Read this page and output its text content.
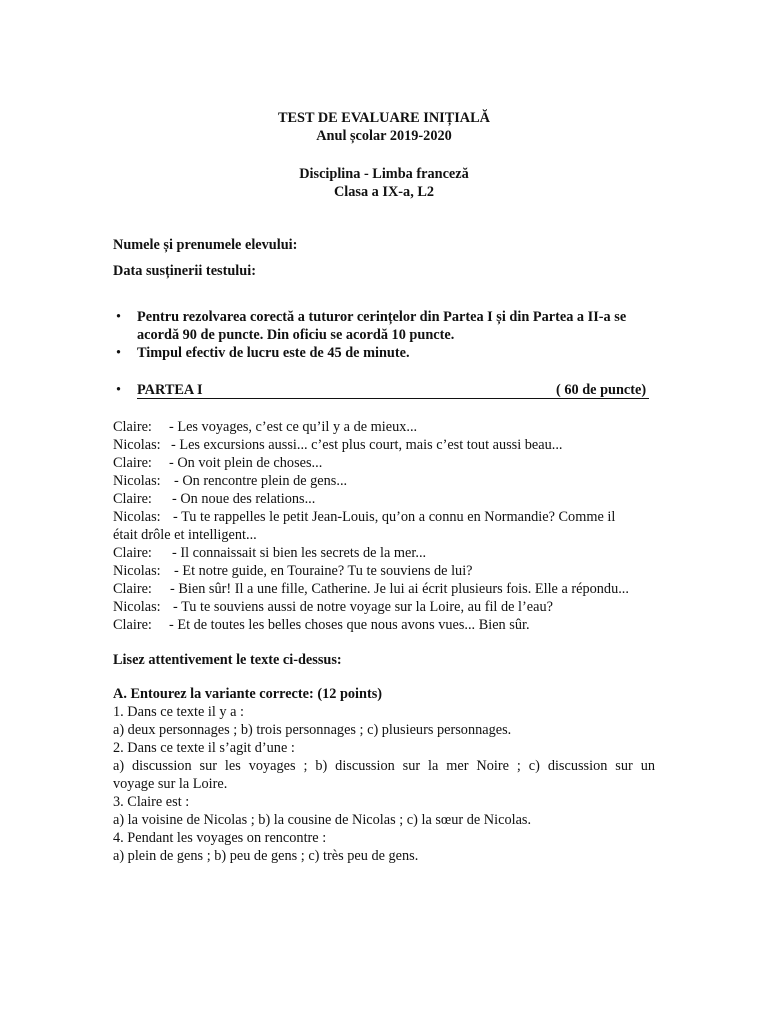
TEST DE EVALUARE INIȚIALĂ
Anul școlar 2019-2020
Disciplina - Limba franceză
Clasa a IX-a, L2
Numele și prenumele elevului:
Data susținerii testului:
• Pentru rezolvarea corectă a tuturor cerințelor din Partea I și din Partea a II-a se
acordă 90 de puncte. Din oficiu se acordă 10 puncte.
• Timpul efectiv de lucru este de 45 de minute.
• PARTEA I	( 60 de puncte)
Claire: - Les voyages, c’est ce qu’il y a de mieux...
Nicolas: - Les excursions aussi... c’est plus court, mais c’est tout aussi beau...
Claire: - On voit plein de choses...
Nicolas: - On rencontre plein de gens...
Claire: - On noue des relations...
Nicolas: - Tu te rappelles le petit Jean-Louis, qu’on a connu en Normandie? Comme il
était drôle et intelligent...
Claire: - Il connaissait si bien les secrets de la mer...
Nicolas: - Et notre guide, en Touraine? Tu te souviens de lui?
Claire: - Bien sûr! Il a une fille, Catherine. Je lui ai écrit plusieurs fois. Elle a répondu...
Nicolas: - Tu te souviens aussi de notre voyage sur la Loire, au fil de l’eau?
Claire: - Et de toutes les belles choses que nous avons vues... Bien sûr.
Lisez attentivement le texte ci-dessus:
A. Entourez la variante correcte: (12 points)
1. Dans ce texte il y a :
a) deux personnages ; b) trois personnages ; c) plusieurs personnages.
2. Dans ce texte il s’agit d’une :
a) discussion sur les voyages ; b) discussion sur la mer Noire ; c) discussion sur un
voyage sur la Loire.
3. Claire est :
a) la voisine de Nicolas ; b) la cousine de Nicolas ; c) la sœur de Nicolas.
4. Pendant les voyages on rencontre :
a) plein de gens ; b) peu de gens ; c) très peu de gens.
